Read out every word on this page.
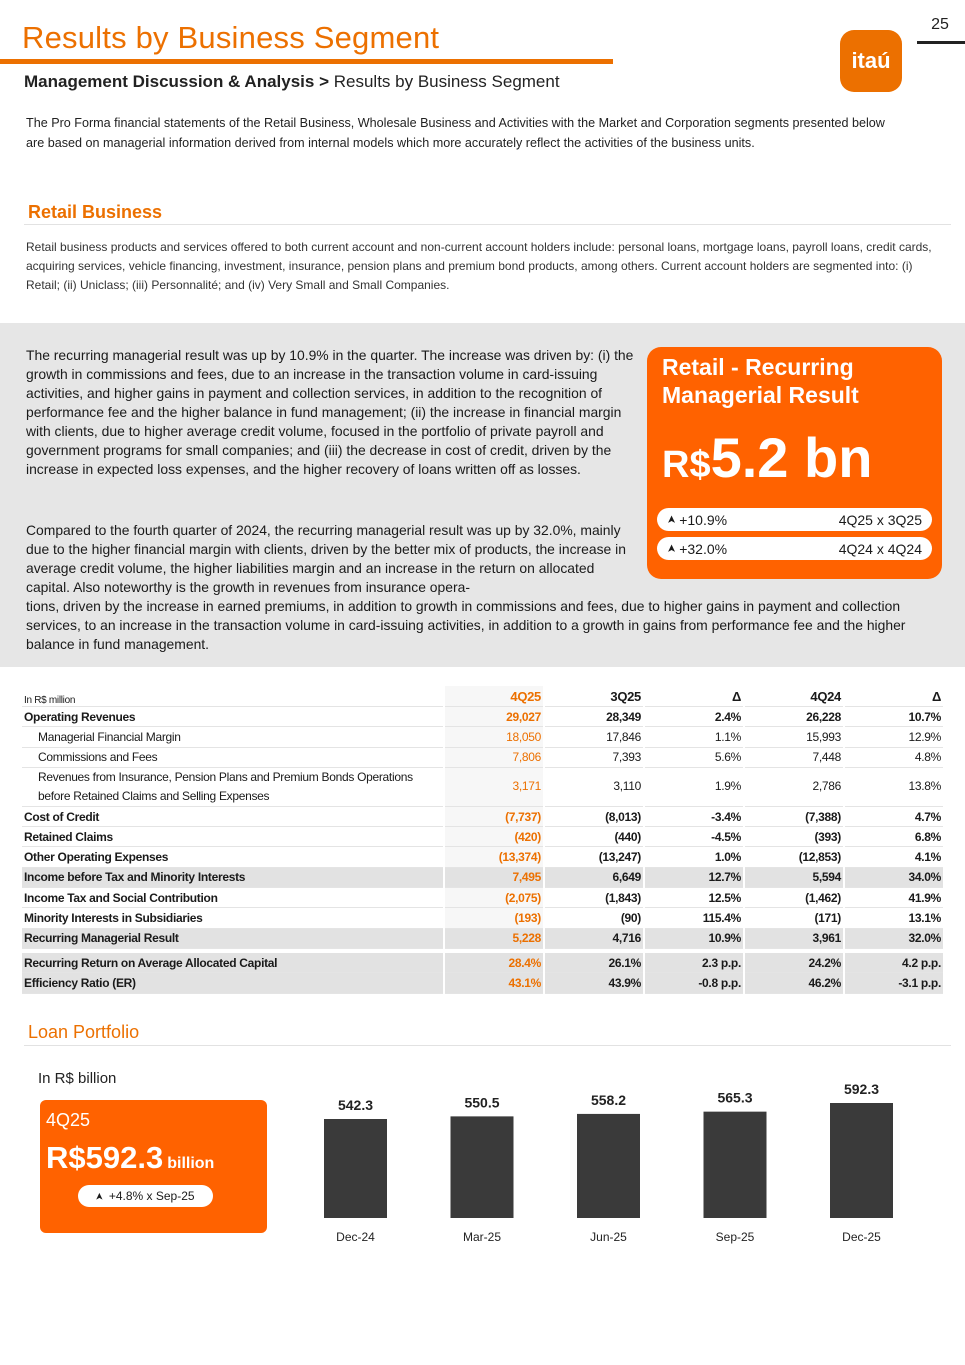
Results by Business Segment	25
itaú
Management Discussion & Analysis > Results by Business Segment
The Pro Forma financial statements of the Retail Business, Wholesale Business and Activities with the Market and Corporation segments presented below are based on managerial information derived from internal models which more accurately reflect the activities of the business units.
Retail Business
Retail business products and services offered to both current account and non-current account holders include: personal loans, mortgage loans, payroll loans, credit cards, acquiring services, vehicle financing, investment, insurance, pension plans and premium bond products, among others. Current account holders are segmented into: (i) Retail; (ii) Uniclass; (iii) Personnalité; and (iv) Very Small and Small Companies.
The recurring managerial result was up by 10.9% in the quarter. The increase was driven by: (i) the growth in commissions and fees, due to an increase in the transaction volume in card-issuing activities, and higher gains in payment and collection services, in addition to the recognition of performance fee and the higher balance in fund management; (ii) the increase in financial margin with clients, due to higher average credit volume, focused in the portfolio of private payroll and government programs for small companies; and (iii) the decrease in cost of credit, driven by the increase in expected loss expenses, and the higher recovery of loans written off as losses.
Compared to the fourth quarter of 2024, the recurring managerial result was up by 32.0%, mainly due to the higher financial margin with clients, driven by the better mix of products, the increase in average credit volume, the higher liabilities margin and an increase in the return on allocated capital. Also noteworthy is the growth in revenues from insurance opera-
tions, driven by the increase in earned premiums, in addition to growth in commissions and fees, due to higher gains in payment and collection services, to an increase in the transaction volume in card-issuing activities, in addition to a growth in gains from performance fee and the higher balance in fund management.
Retail - Recurring
Managerial Result
R$5.2 bn
➤ +10.9%	4Q25 x 3Q25
➤ +32.0%	4Q24 x 4Q24
In R$ million	4Q25	3Q25	Δ	4Q24	Δ
Operating Revenues	29,027	28,349	2.4%	26,228	10.7%
Managerial Financial Margin	18,050	17,846	1.1%	15,993	12.9%
Commissions and Fees	7,806	7,393	5.6%	7,448	4.8%

Revenues from Insurance, Pension Plans and Premium Bonds Operations
before Retained Claims and Selling Expenses	3,171	3,110	1.9%	2,786	13.8%
Cost of Credit	(7,737)	(8,013)	-3.4%	(7,388)	4.7%
Retained Claims	(420)	(440)	-4.5%	(393)	6.8%
Other Operating Expenses	(13,374)	(13,247)	1.0%	(12,853)	4.1%
Income before Tax and Minority Interests	7,495	6,649	12.7%	5,594	34.0%
Income Tax and Social Contribution	(2,075)	(1,843)	12.5%	(1,462)	41.9%
Minority Interests in Subsidiaries	(193)	(90)	115.4%	(171)	13.1%
Recurring Managerial Result	5,228	4,716	10.9%	3,961	32.0%

Recurring Return on Average Allocated Capital	28.4%	26.1%	2.3 p.p.	24.2%	4.2 p.p.
Efficiency Ratio (ER)	43.1%	43.9%	-0.8 p.p.	46.2%	-3.1 p.p.
Loan Portfolio
In R$ billion
4Q25
R$592.3 billion
➤ +4.8% x Sep-25
542.3
Dec-24
550.5
Mar-25
558.2
Jun-25
565.3
Sep-25
592.3
Dec-25
